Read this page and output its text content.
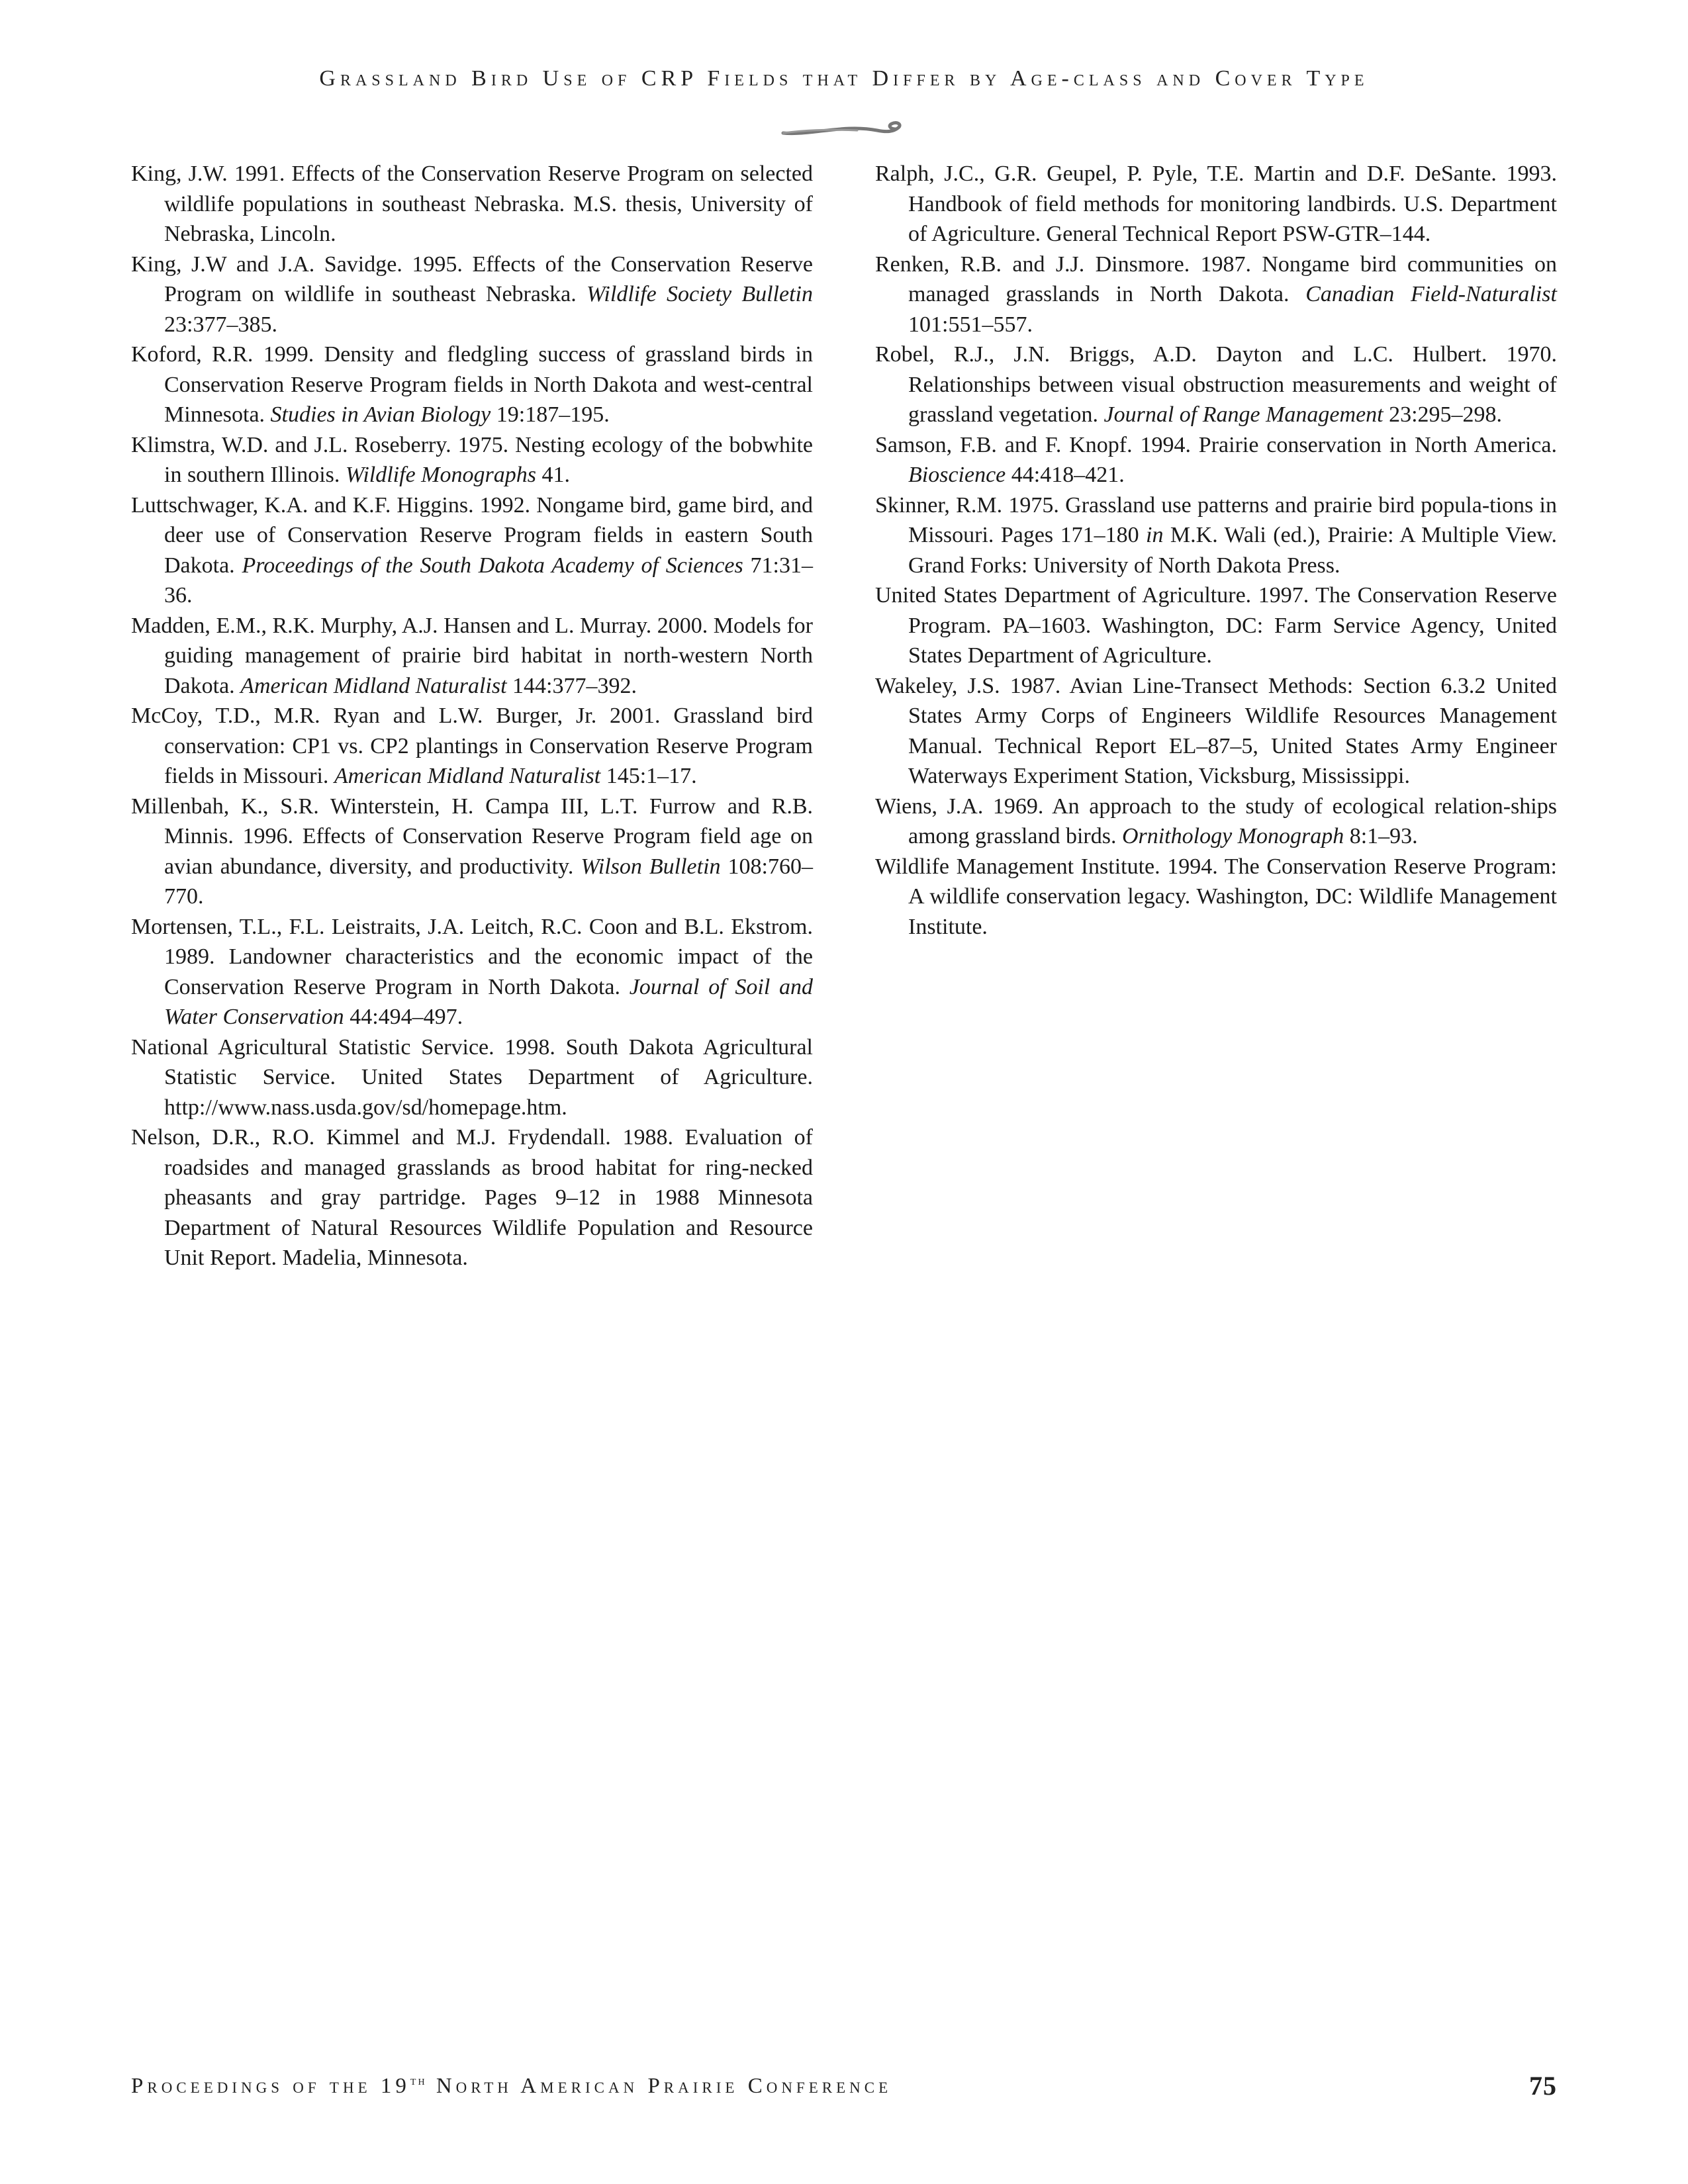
Grassland Bird Use of CRP Fields that Differ by Age-class and Cover Type

King, J.W. 1991. Effects of the Conservation Reserve Program on selected wildlife populations in southeast Nebraska. M.S. thesis, University of Nebraska, Lincoln.

King, J.W and J.A. Savidge. 1995. Effects of the Conservation Reserve Program on wildlife in southeast Nebraska. Wildlife Society Bulletin 23:377–385.

Koford, R.R. 1999. Density and fledgling success of grassland birds in Conservation Reserve Program fields in North Dakota and west-central Minnesota. Studies in Avian Biology 19:187–195.

Klimstra, W.D. and J.L. Roseberry. 1975. Nesting ecology of the bobwhite in southern Illinois. Wildlife Monographs 41.

Luttschwager, K.A. and K.F. Higgins. 1992. Nongame bird, game bird, and deer use of Conservation Reserve Program fields in eastern South Dakota. Proceedings of the South Dakota Academy of Sciences 71:31–36.

Madden, E.M., R.K. Murphy, A.J. Hansen and L. Murray. 2000. Models for guiding management of prairie bird habitat in north-western North Dakota. American Midland Naturalist 144:377–392.

McCoy, T.D., M.R. Ryan and L.W. Burger, Jr. 2001. Grassland bird conservation: CP1 vs. CP2 plantings in Conservation Reserve Program fields in Missouri. American Midland Naturalist 145:1–17.

Millenbah, K., S.R. Winterstein, H. Campa III, L.T. Furrow and R.B. Minnis. 1996. Effects of Conservation Reserve Program field age on avian abundance, diversity, and productivity. Wilson Bulletin 108:760–770.

Mortensen, T.L., F.L. Leistraits, J.A. Leitch, R.C. Coon and B.L. Ekstrom. 1989. Landowner characteristics and the economic impact of the Conservation Reserve Program in North Dakota. Journal of Soil and Water Conservation 44:494–497.

National Agricultural Statistic Service. 1998. South Dakota Agricultural Statistic Service. United States Department of Agriculture. http://www.nass.usda.gov/sd/homepage.htm.

Nelson, D.R., R.O. Kimmel and M.J. Frydendall. 1988. Evaluation of roadsides and managed grasslands as brood habitat for ring-necked pheasants and gray partridge. Pages 9–12 in 1988 Minnesota Department of Natural Resources Wildlife Population and Resource Unit Report. Madelia, Minnesota.

Ralph, J.C., G.R. Geupel, P. Pyle, T.E. Martin and D.F. DeSante. 1993. Handbook of field methods for monitoring landbirds. U.S. Department of Agriculture. General Technical Report PSW-GTR–144.

Renken, R.B. and J.J. Dinsmore. 1987. Nongame bird communities on managed grasslands in North Dakota. Canadian Field-Naturalist 101:551–557.

Robel, R.J., J.N. Briggs, A.D. Dayton and L.C. Hulbert. 1970. Relationships between visual obstruction measurements and weight of grassland vegetation. Journal of Range Management 23:295–298.

Samson, F.B. and F. Knopf. 1994. Prairie conservation in North America. Bioscience 44:418–421.

Skinner, R.M. 1975. Grassland use patterns and prairie bird popula-tions in Missouri. Pages 171–180 in M.K. Wali (ed.), Prairie: A Multiple View. Grand Forks: University of North Dakota Press.

United States Department of Agriculture. 1997. The Conservation Reserve Program. PA–1603. Washington, DC: Farm Service Agency, United States Department of Agriculture.

Wakeley, J.S. 1987. Avian Line-Transect Methods: Section 6.3.2 United States Army Corps of Engineers Wildlife Resources Management Manual. Technical Report EL–87–5, United States Army Engineer Waterways Experiment Station, Vicksburg, Mississippi.

Wiens, J.A. 1969. An approach to the study of ecological relation-ships among grassland birds. Ornithology Monograph 8:1–93.

Wildlife Management Institute. 1994. The Conservation Reserve Program: A wildlife conservation legacy. Washington, DC: Wildlife Management Institute.

Proceedings of the 19th North American Prairie Conference	75
